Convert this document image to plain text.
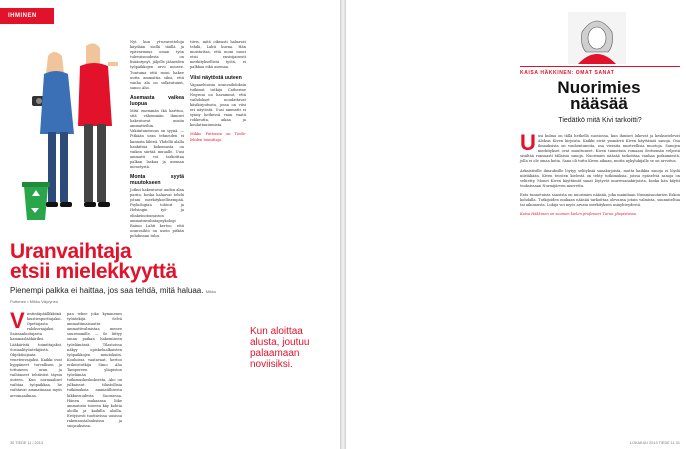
IHMINEN
Uranvaihtaja
etsii mielekkyyttä
Pienempi palkka ei haittaa, jos saa tehdä, mitä haluaa. Mikko Puttonen • Mikko Väyrynen
V iestintäpäällikkönä hiustiesporttajaksi. Opettajasta valokuvaajaksi. Sairaanhoitajasta hammaslääkäriksi. Lääkäristä toimittajaksi. Sosiaalityöntekijästä. Objektioijaata venetenvaijaksi. Kaikki ovat hyppäneet turvallisen ja tottuneen uran ja vaihtaneet tehtäväst täysin uuteen. Kun normaaliset vaihtaa työpaikkaa, he vaihtavat ammatinaan myös arvomaailmaa.
pan tekee joka kymmenes työntekijä. Selvä ammattimaisuutta ammattivalmistaa menee suuremmille. — Se liittyy oman paikan hakemiseen työelämässä. Tilastoissa näkyy opiskelualkaisten työpaikkojen muutoksiin. Kouluissa vaatavaat, kertoo erikoistutkija Simo Aho Tampereen yliopiston työelämän tutkimuskeskuksesta. Aho on julkaissut tilastollisia tutkimuksia ammatillisesta liikkuvuudesta Suomessa. Hänen mukaansa liike ammatista toiseen käy kohtia aloilla ja kaikilla aloilla. Erityisesti tuottavissa uusissa rakennustalouksissa ja suojauksissa.

Nyt kun yt-neuvotteluja käydään siellä täällä ja epävarmuus oman työn tulevaisuudesta on lisääntynyt, jäljelle jääneiden työpaikkojen arvo nousee. Tuntuma että moni hakee uutta ammattia siksi, että vanha ala on sulkeutunut, sanoo Aho.

Asemasta vaikea luopua

Mitä enemmän ikä karttuu, sitä vähemmän ihmiset hakeutuvat uusiin ammatteihin. Vakiintuneisuus on syynä. — Pitkään uran tehneiden ei kannata lähteä. Yhdellä alalla hankittua kokemusta on vaikea siirtää muualle. Uusi ammatti voi tarkoittaa palkan laskua ja aseman menetystä.

Monta syytä muutokseen

Jotkut hakeutuvat uuden alan pariin, koska haluavat tehdä jotain merkityksellisempää. Psykologian tohtori ja Helsingin työ- ja elinkeinotoimiston ammatinvalintapsykologi Raimo Lahti kertoo, että uranvaihto on usein pitkän pohdinnan tulos.

tiivis, mitä oikeasti haluavat tehdä, Lahti kuvaa. Hän muistuttaa, että moni nuori etsii ensisijaisesti merkityksellistä työtä, ei palkkaa eikä asemaa.

Viisi näytöstä uuteen

Vapaaehtoisia uranvaihdoksia tutkinut tutkija Catherine Negroni on havainnut, että vaihdokset noudattavat käsikirjoitusta, jossa on viisi eri näytöstä. Uusi ammatti ei synny hetkessä vaan vaatii rohkeutta, aikaa ja kouluttautumista.

Mikko Puttonen on Tiede-lehden toimittaja.

Kun aloittaa alusta, joutuu palaamaan noviisiksi.
30 TIEDE 11 / 2013
KAISA HÄKKINEN: OMAT SANAT
Nuorimies
nääsää
Tiedätkö mitä Kivi tarkoitti?

Uusi kulma on tällä hetkellä suosiossa, kun ihmiset lukevat ja keskustelevat Aleksis Kiven kirjoista. Kaikki eivät ymmärrä Kiven käyttämiä sanoja. Osa ilmauksista on vanhentuneita, osa vieraita murteellisia muotoja. Sanojen merkitykset ovat muuttuneet. Kiven tunnetuin romaani Seitsemän veljestä sisältää runsaasti tällaisia sanoja. Nuorimies nääsää tarkoittaa vanhaa poikamiestä, jolla ei ole omaa kotia. Sana oli tuttu Kiven aikaan, mutta nykylukijalle se on arvoitus.

Arkaistisille ilmauksille löytyy selityksiä sanakirjoista, mutta kaikkia sanoja ei löydä niistäkään. Kiven teosten kielestä on tehty tutkimuksia, joissa epäselviä sanoja on selitetty. Monet Kiven käyttämät sanat löytyvät murresanakirjoista, koska hän käytti teoksissaan Nurmijärven murretta.

Eräs tunnetuista sanoista on nuorimies nääsää, joka mainitaan Nummisuutarien Eskon kohdalla. Tutkijoiden mukaan nääsää tarkoittaa olevansa jotain valmista, suunniteltua tai aikomusta. Lukija voi myös arvata merkityksen asiayhteydestä.

Kaisa Häkkinen on suomen kielen professori Turun yliopistossa.

LOKAKUU 2013 TIEDE 11 31
